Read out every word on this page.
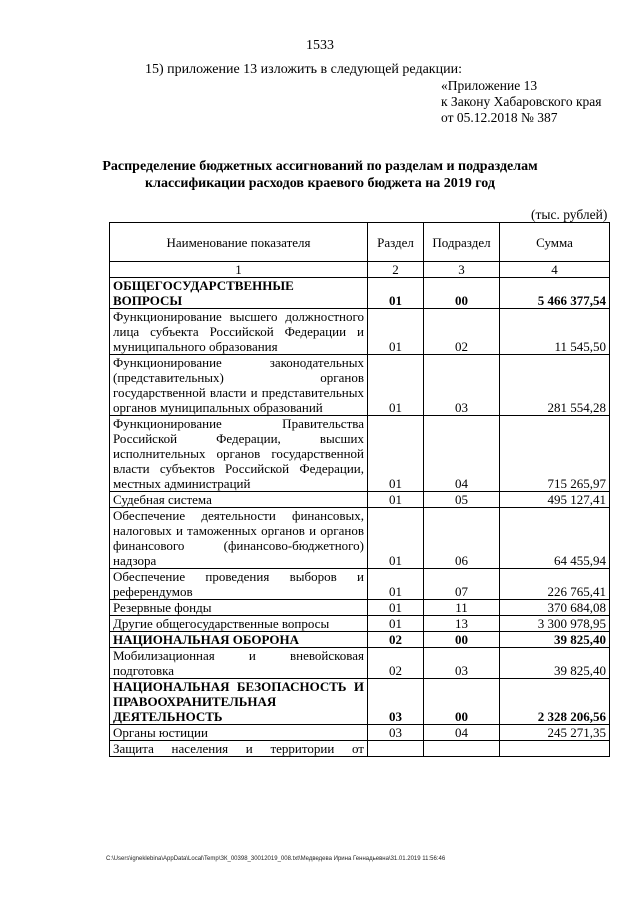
1533
15) приложение 13 изложить в следующей редакции:
«Приложение 13
к Закону Хабаровского края
от 05.12.2018 № 387
Распределение бюджетных ассигнований по разделам и подразделам
классификации расходов краевого бюджета на 2019 год
(тыс. рублей)
Наименование показателя	Раздел	Подраздел	Сумма
1	2	3	4
ОБЩЕГОСУДАРСТВЕННЫЕ ВОПРОСЫ	01	00	5 466 377,54
Функционирование высшего должностного лица субъекта Российской Федерации и муниципального образования	01	02	11 545,50
Функционирование законодательных (представительных) органов государственной власти и представительных органов муниципальных образований	01	03	281 554,28
Функционирование Правительства Российской Федерации, высших исполнительных органов государственной власти субъектов Российской Федерации, местных администраций	01	04	715 265,97
Судебная система	01	05	495 127,41
Обеспечение деятельности финансовых, налоговых и таможенных органов и органов финансового (финансово-бюджетного) надзора	01	06	64 455,94
Обеспечение проведения выборов и референдумов	01	07	226 765,41
Резервные фонды	01	11	370 684,08
Другие общегосударственные вопросы	01	13	3 300 978,95
НАЦИОНАЛЬНАЯ ОБОРОНА	02	00	39 825,40
Мобилизационная и вневойсковая подготовка	02	03	39 825,40
НАЦИОНАЛЬНАЯ БЕЗОПАСНОСТЬ И ПРАВООХРАНИТЕЛЬНАЯ ДЕЯТЕЛЬНОСТЬ	03	00	2 328 206,56
Органы юстиции	03	04	245 271,35
Защита населения и территории от			
C:\Users\igneklebina\AppData\Local\Temp\ЗК_00398_30012019_008.txt\Медведева Ирина Геннадьевна\31.01.2019 11:56:46
